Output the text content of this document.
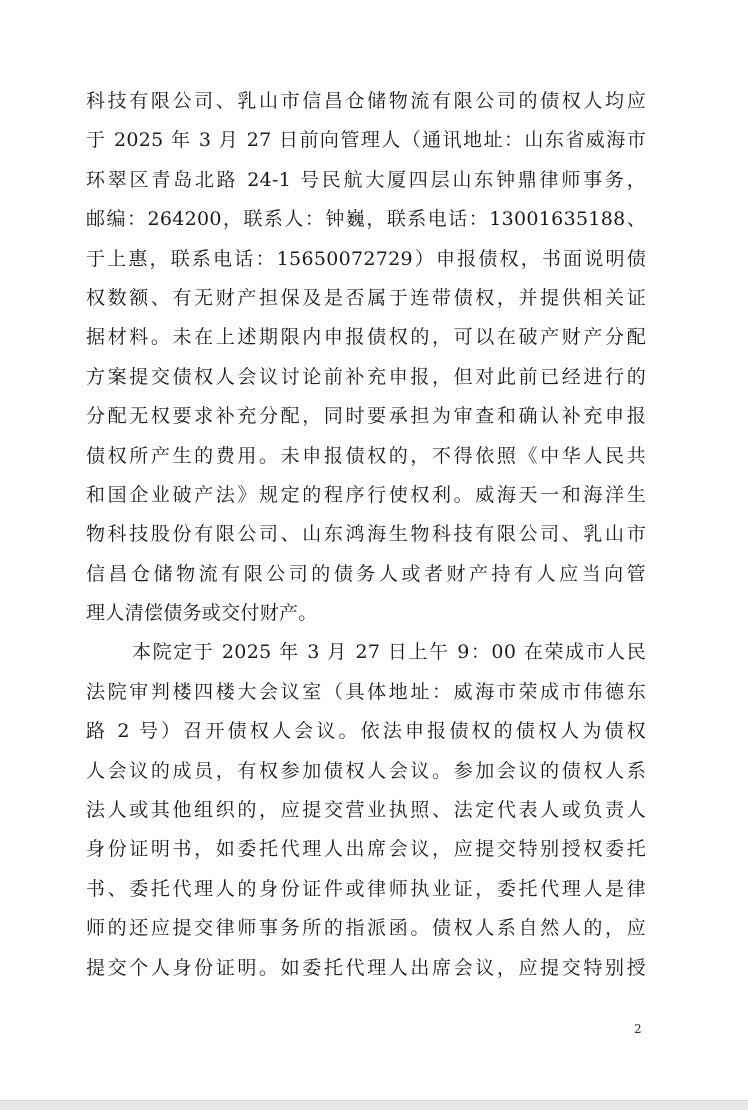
科技有限公司、乳山市信昌仓储物流有限公司的债权人均应
于 2025 年 3 月 27 日前向管理人（通讯地址：山东省威海市
环翠区青岛北路 24-1 号民航大厦四层山东钟鼎律师事务，
邮编：264200，联系人：钟巍，联系电话：13001635188、
于上惠，联系电话：15650072729）申报债权，书面说明债
权数额、有无财产担保及是否属于连带债权，并提供相关证
据材料。未在上述期限内申报债权的，可以在破产财产分配
方案提交债权人会议讨论前补充申报，但对此前已经进行的
分配无权要求补充分配，同时要承担为审查和确认补充申报
债权所产生的费用。未申报债权的，不得依照《中华人民共
和国企业破产法》规定的程序行使权利。威海天一和海洋生
物科技股份有限公司、山东鸿海生物科技有限公司、乳山市
信昌仓储物流有限公司的债务人或者财产持有人应当向管
理人清偿债务或交付财产。
本院定于 2025 年 3 月 27 日上午 9：00 在荣成市人民
法院审判楼四楼大会议室（具体地址：威海市荣成市伟德东
路 2 号）召开债权人会议。依法申报债权的债权人为债权
人会议的成员，有权参加债权人会议。参加会议的债权人系
法人或其他组织的，应提交营业执照、法定代表人或负责人
身份证明书，如委托代理人出席会议，应提交特别授权委托
书、委托代理人的身份证件或律师执业证，委托代理人是律
师的还应提交律师事务所的指派函。债权人系自然人的，应
提交个人身份证明。如委托代理人出席会议，应提交特别授
2
